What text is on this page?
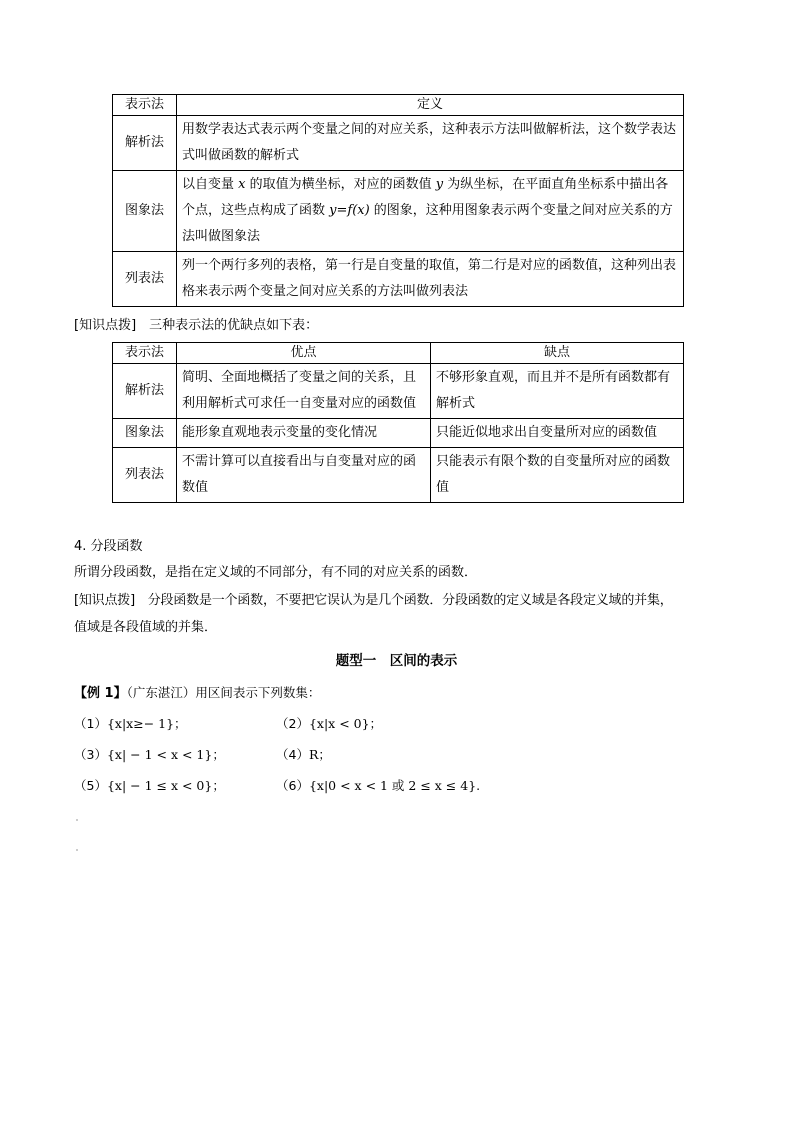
表示法	定义
解析法	用数学表达式表示两个变量之间的对应关系，这种表示方法叫做解析法，这个数学表达式叫做函数的解析式
图象法	以自变量 x 的取值为横坐标，对应的函数值 y 为纵坐标，在平面直角坐标系中描出各个点，这些点构成了函数 y=f(x) 的图象，这种用图象表示两个变量之间对应关系的方法叫做图象法
列表法	列一个两行多列的表格，第一行是自变量的取值，第二行是对应的函数值，这种列出表格来表示两个变量之间对应关系的方法叫做列表法
[知识点拨]　三种表示法的优缺点如下表：
表示法	优点	缺点
解析法	简明、全面地概括了变量之间的关系，且利用解析式可求任一自变量对应的函数值	不够形象直观，而且并不是所有函数都有解析式
图象法	能形象直观地表示变量的变化情况	只能近似地求出自变量所对应的函数值
列表法	不需计算可以直接看出与自变量对应的函数值	只能表示有限个数的自变量所对应的函数值
4. 分段函数
所谓分段函数，是指在定义域的不同部分，有不同的对应关系的函数．
[知识点拨]　分段函数是一个函数，不要把它误认为是几个函数．分段函数的定义域是各段定义域的并集，
值域是各段值域的并集．
题型一　区间的表示
【例 1】（广东湛江）用区间表示下列数集：
（1）{x|x≥− 1}；	（2）{x|x < 0}；
（3）{x| − 1 < x < 1}；	（4）R；
（5）{x| − 1 ≤ x < 0}；	（6）{x|0 < x < 1 或 2 ≤ x ≤ 4}.
